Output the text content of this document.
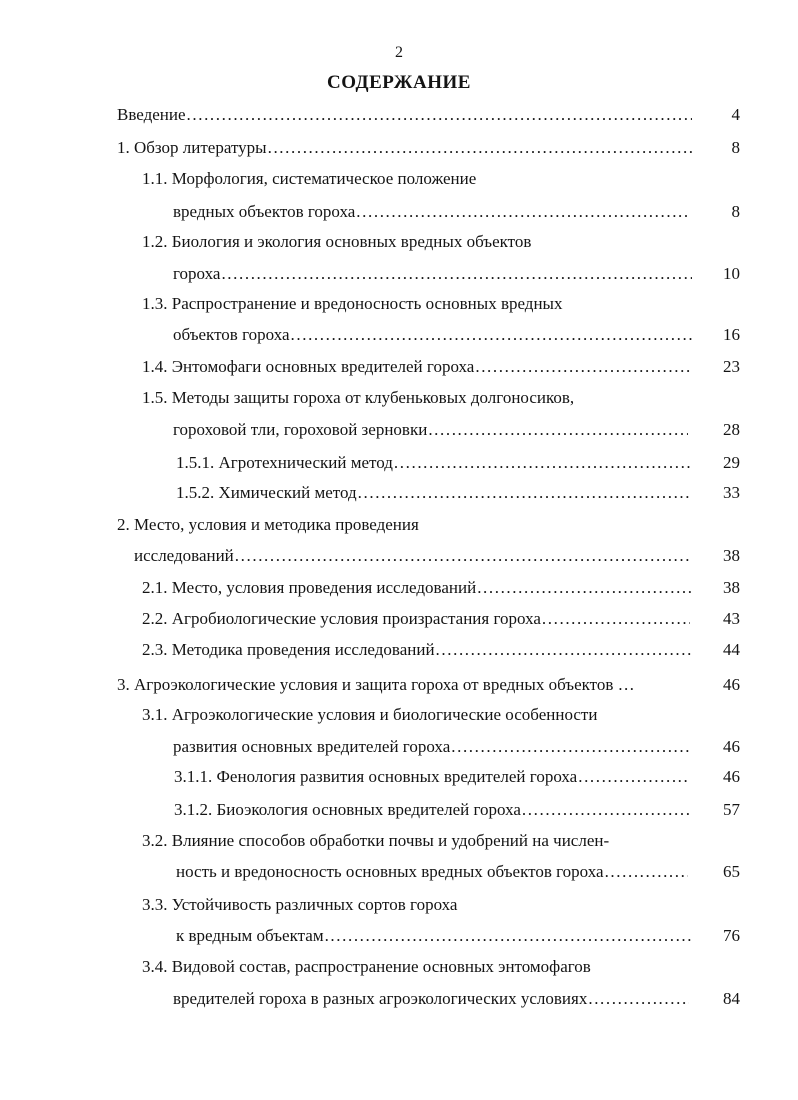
2
СОДЕРЖАНИЕ
Введение .....	4
1. Обзор литературы .....	8
1.1. Морфология, систематическое положение
вредных объектов гороха .....	8
1.2. Биология и экология основных вредных объектов
гороха .....	10
1.3. Распространение и вредоносность основных вредных
объектов гороха .....	16
1.4. Энтомофаги основных вредителей гороха .....	23
1.5. Методы защиты гороха от клубеньковых долгоносиков,
гороховой тли, гороховой зерновки .....	28
1.5.1. Агротехнический метод .....	29
1.5.2. Химический метод .....	33
2. Место, условия и методика проведения
исследований .....	38
2.1. Место, условия проведения исследований .....	38
2.2. Агробиологические условия произрастания гороха .....	43
2.3. Методика проведения исследований .....	44
3. Агроэкологические условия и защита гороха от вредных объектов …	46
3.1. Агроэкологические условия и биологические особенности
развития основных вредителей гороха .....	46
3.1.1. Фенология развития основных вредителей гороха .....	46
3.1.2. Биоэкология основных вредителей гороха .....	57
3.2. Влияние способов обработки почвы и удобрений на числен-
ность и вредоносность основных вредных объектов гороха .....	65
3.3. Устойчивость различных сортов гороха
к вредным объектам .....	76
3.4. Видовой состав, распространение основных энтомофагов
вредителей гороха в разных агроэкологических условиях .....	84
